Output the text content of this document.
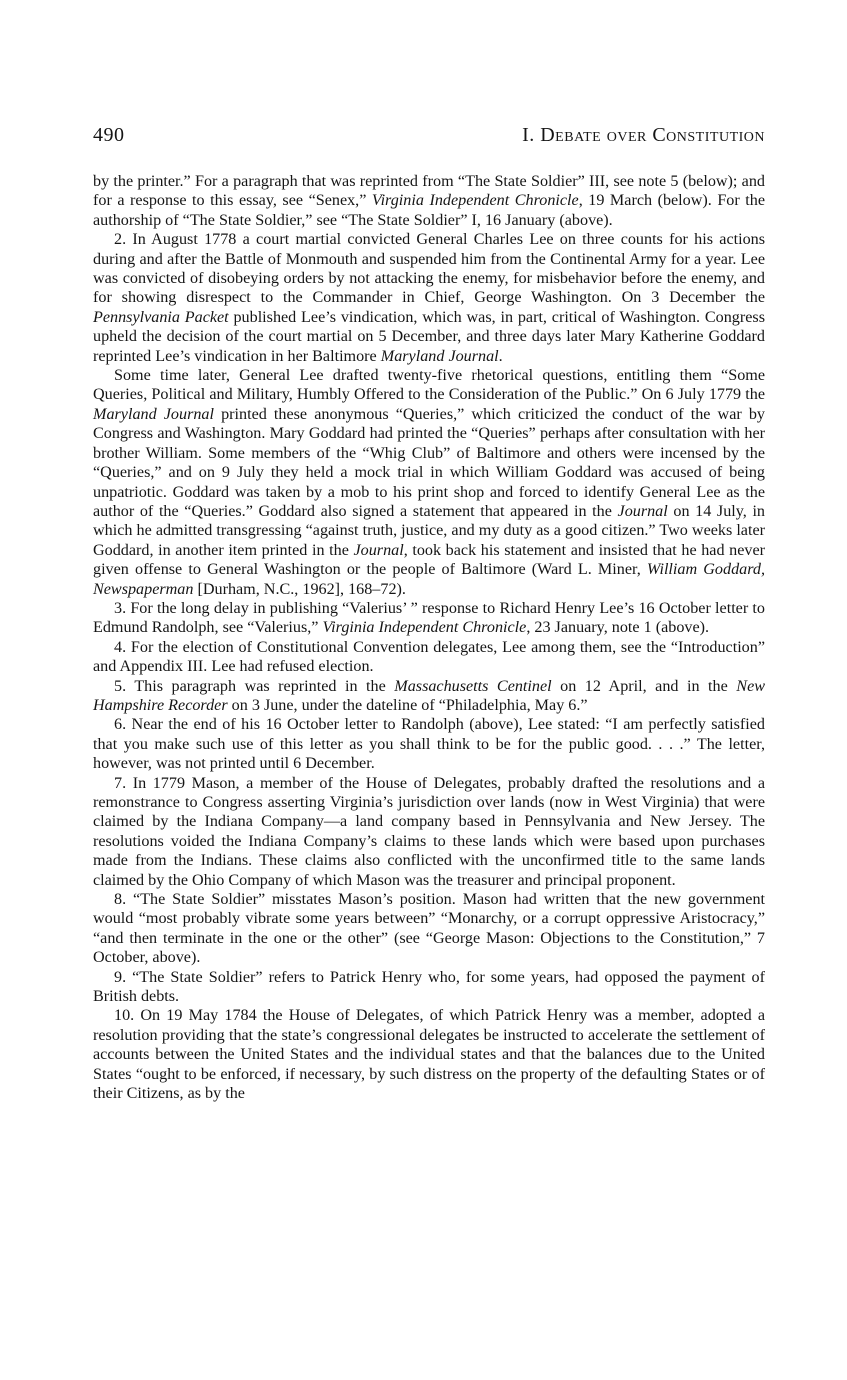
490	I. Debate over Constitution

by the printer.” For a paragraph that was reprinted from “The State Soldier” III, see note 5 (below); and for a response to this essay, see “Senex,” Virginia Independent Chronicle, 19 March (below). For the authorship of “The State Soldier,” see “The State Soldier” I, 16 January (above).

2. In August 1778 a court martial convicted General Charles Lee on three counts for his actions during and after the Battle of Monmouth and suspended him from the Continental Army for a year. Lee was convicted of disobeying orders by not attacking the enemy, for misbehavior before the enemy, and for showing disrespect to the Commander in Chief, George Washington. On 3 December the Pennsylvania Packet published Lee’s vindication, which was, in part, critical of Washington. Congress upheld the decision of the court martial on 5 December, and three days later Mary Katherine Goddard reprinted Lee’s vindication in her Baltimore Maryland Journal.

Some time later, General Lee drafted twenty-five rhetorical questions, entitling them “Some Queries, Political and Military, Humbly Offered to the Consideration of the Public.” On 6 July 1779 the Maryland Journal printed these anonymous “Queries,” which criticized the conduct of the war by Congress and Washington. Mary Goddard had printed the “Queries” perhaps after consultation with her brother William. Some members of the “Whig Club” of Baltimore and others were incensed by the “Queries,” and on 9 July they held a mock trial in which William Goddard was accused of being unpatriotic. Goddard was taken by a mob to his print shop and forced to identify General Lee as the author of the “Queries.” Goddard also signed a statement that appeared in the Journal on 14 July, in which he admitted transgressing “against truth, justice, and my duty as a good citizen.” Two weeks later Goddard, in another item printed in the Journal, took back his statement and insisted that he had never given offense to General Washington or the people of Baltimore (Ward L. Miner, William Goddard, Newspaperman [Durham, N.C., 1962], 168–72).

3. For the long delay in publishing “Valerius’ ” response to Richard Henry Lee’s 16 October letter to Edmund Randolph, see “Valerius,” Virginia Independent Chronicle, 23 January, note 1 (above).

4. For the election of Constitutional Convention delegates, Lee among them, see the “Introduction” and Appendix III. Lee had refused election.

5. This paragraph was reprinted in the Massachusetts Centinel on 12 April, and in the New Hampshire Recorder on 3 June, under the dateline of “Philadelphia, May 6.”

6. Near the end of his 16 October letter to Randolph (above), Lee stated: “I am perfectly satisfied that you make such use of this letter as you shall think to be for the public good. . . .” The letter, however, was not printed until 6 December.

7. In 1779 Mason, a member of the House of Delegates, probably drafted the resolutions and a remonstrance to Congress asserting Virginia’s jurisdiction over lands (now in West Virginia) that were claimed by the Indiana Company—a land company based in Pennsylvania and New Jersey. The resolutions voided the Indiana Company’s claims to these lands which were based upon purchases made from the Indians. These claims also conflicted with the unconfirmed title to the same lands claimed by the Ohio Company of which Mason was the treasurer and principal proponent.

8. “The State Soldier” misstates Mason’s position. Mason had written that the new government would “most probably vibrate some years between” “Monarchy, or a corrupt oppressive Aristocracy,” “and then terminate in the one or the other” (see “George Mason: Objections to the Constitution,” 7 October, above).

9. “The State Soldier” refers to Patrick Henry who, for some years, had opposed the payment of British debts.

10. On 19 May 1784 the House of Delegates, of which Patrick Henry was a member, adopted a resolution providing that the state’s congressional delegates be instructed to accelerate the settlement of accounts between the United States and the individual states and that the balances due to the United States “ought to be enforced, if necessary, by such distress on the property of the defaulting States or of their Citizens, as by the
